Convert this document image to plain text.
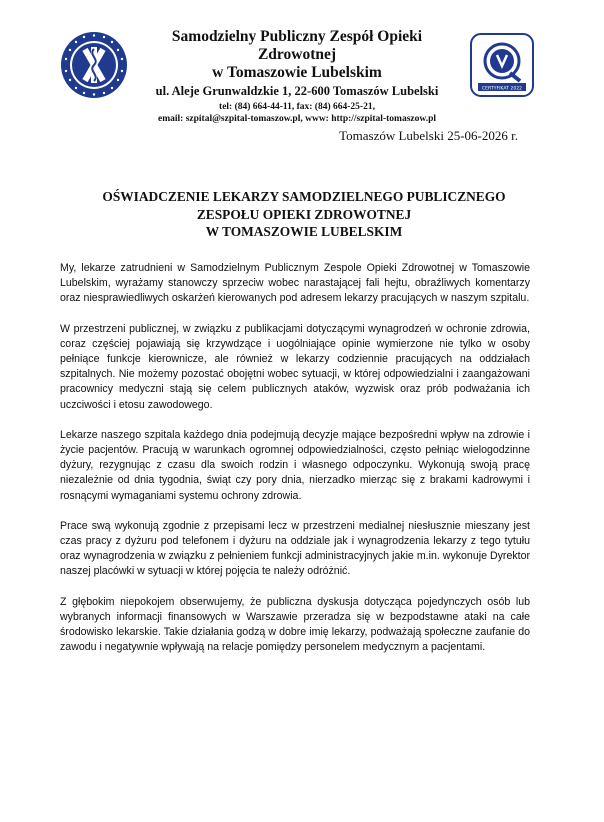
Samodzielny Publiczny Zespół Opieki Zdrowotnej
w Tomaszowie Lubelskim
ul. Aleje Grunwaldzkie 1, 22-600 Tomaszów Lubelski
tel: (84) 664-44-11, fax: (84) 664-25-21,
email: szpital@szpital-tomaszow.pl, www: http://szpital-tomaszow.pl
CERTYFIKAT 2022
Tomaszów Lubelski 25-06-2026 r.
OŚWIADCZENIE LEKARZY SAMODZIELNEGO PUBLICZNEGO
ZESPOŁU OPIEKI ZDROWOTNEJ
W TOMASZOWIE LUBELSKIM

My, lekarze zatrudnieni w Samodzielnym Publicznym Zespole Opieki Zdrowotnej w Tomaszowie Lubelskim, wyrażamy stanowczy sprzeciw wobec narastającej fali hejtu, obraźliwych komentarzy oraz niesprawiedliwych oskarżeń kierowanych pod adresem lekarzy pracujących w naszym szpitalu.

W przestrzeni publicznej, w związku z publikacjami dotyczącymi wynagrodzeń w ochronie zdrowia, coraz częściej pojawiają się krzywdzące i uogólniające opinie wymierzone nie tylko w osoby pełniące funkcje kierownicze, ale również w lekarzy codziennie pracujących na oddziałach szpitalnych. Nie możemy pozostać obojętni wobec sytuacji, w której odpowiedzialni i zaangażowani pracownicy medyczni stają się celem publicznych ataków, wyzwisk oraz prób podważania ich uczciwości i etosu zawodowego.

Lekarze naszego szpitala każdego dnia podejmują decyzje mające bezpośredni wpływ na zdrowie i życie pacjentów. Pracują w warunkach ogromnej odpowiedzialności, często pełniąc wielogodzinne dyżury, rezygnując z czasu dla swoich rodzin i własnego odpoczynku. Wykonują swoją pracę niezależnie od dnia tygodnia, świąt czy pory dnia, nierzadko mierząc się z brakami kadrowymi i rosnącymi wymaganiami systemu ochrony zdrowia.

Prace swą wykonują zgodnie z przepisami lecz w przestrzeni medialnej niesłusznie mieszany jest czas pracy z dyżuru pod telefonem i dyżuru na oddziale jak i wynagrodzenia lekarzy z tego tytułu oraz wynagrodzenia w związku z pełnieniem funkcji administracyjnych jakie m.in. wykonuje Dyrektor naszej placówki w sytuacji w której pojęcia te należy odróżnić.

Z głębokim niepokojem obserwujemy, że publiczna dyskusja dotycząca pojedynczych osób lub wybranych informacji finansowych w Warszawie przeradza się w bezpodstawne ataki na całe środowisko lekarskie. Takie działania godzą w dobre imię lekarzy, podważają społeczne zaufanie do zawodu i negatywnie wpływają na relacje pomiędzy personelem medycznym a pacjentami.
